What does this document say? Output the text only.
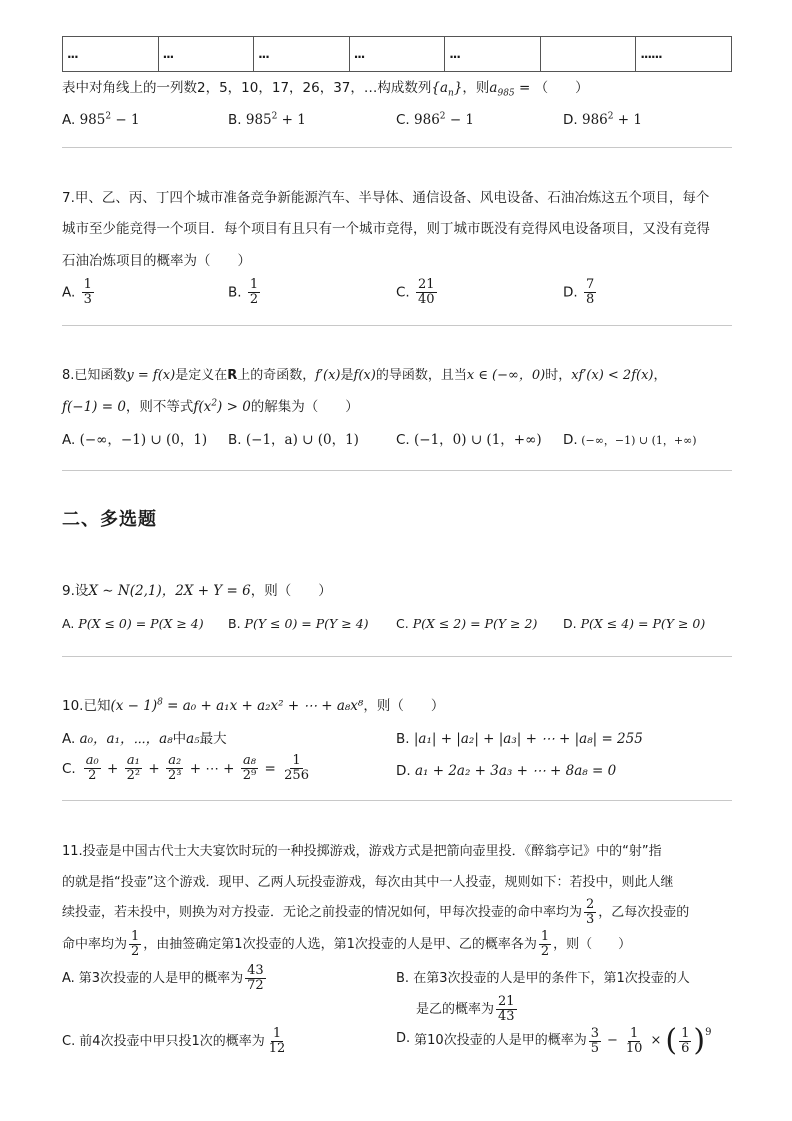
...	...	...	...	...		......
表中对角线上的一列数2，5，10，17，26，37，…构成数列$\{a_n\}$，则$a_{985}$ = （　　）
A. $985^2 - 1$	B. $985^2 + 1$	C. $986^2 - 1$	D. $986^2 + 1$
7.甲、乙、丙、丁四个城市准备竞争新能源汽车、半导体、通信设备、风电设备、石油冶炼这五个项目，每个
城市至少能竞得一个项目．每个项目有且只有一个城市竞得，则丁城市既没有竞得风电设备项目，又没有竞得
石油冶炼项目的概率为（　　）
A. $\frac{1}{3}$	B. $\frac{1}{2}$	C. $\frac{21}{40}$	D. $\frac{7}{8}$
8.已知函数y = f(x)是定义在R上的奇函数，f′(x)是f(x)的导函数，且当x ∈ (−∞，0)时，xf′(x) < 2f(x)，
f(−1) = 0，则不等式$f(x^2) > 0$的解集为（　　）
A. (−∞，−1) ∪ (0，1) B. (−1，a) ∪ (0，1)	C. (−1，0) ∪ (1，+∞) D. (−∞，−1) ∪ (1，+∞)
二、多选题
9.设X ∼ N(2,1)，2X + Y = 6，则（　　）
A. P(X ≤ 0) = P(X ≥ 4) B. P(Y ≤ 0) = P(Y ≥ 4) C. P(X ≤ 2) = P(Y ≥ 2) D. P(X ≤ 4) = P(Y ≥ 0)
10.已知$(x - 1)^8 = a_0 + a_1x + a_2x^2$ + ⋯ + a₈x⁸，则（　　）
A. a₀，a₁，⋯，a₈中a₅最大	B. |a₁| + |a₂| + |a₃| + ⋯ + |a₈| = 255
C. $\frac{\text{a₀}}{2} + \frac{\text{a₁}}{\text{2²}} + \frac{\text{a₂}}{\text{2³}}$ + ⋯ + $\frac{\text{a₈}}{\text{2⁹}} = \frac{1}{256}$	D. a₁ + 2a₂ + 3a₃ + ⋯ + 8a₈ = 0
11.投壶是中国古代士大夫宴饮时玩的一种投掷游戏，游戏方式是把箭向壶里投．《醉翁亭记》中的“射”指
的就是指“投壶”这个游戏．现甲、乙两人玩投壶游戏，每次由其中一人投壶，规则如下：若投中，则此人继
续投壶，若未投中，则换为对方投壶．无论之前投壶的情况如何，甲每次投壶的命中率均为 $\frac{2}{3}$ ，乙每次投壶的
命中率均为 $\frac{1}{2}$ ，由抽签确定第1次投壶的人选，第1次投壶的人是甲、乙的概率各为 $\frac{1}{2}$ ，则（　　）
A. 第3次投壶的人是甲的概率为 $\frac{43}{72}$	B. 在第3次投壶的人是甲的条件下，第1次投壶的人
是乙的概率为 $\frac{21}{43}$
C. 前4次投壶中甲只投1次的概率为 $\frac{1}{12}$	D. 第10次投壶的人是甲的概率为 $\frac{3}{5} - \frac{1}{10}$ × ( $\frac{1}{6}$ ) 9
